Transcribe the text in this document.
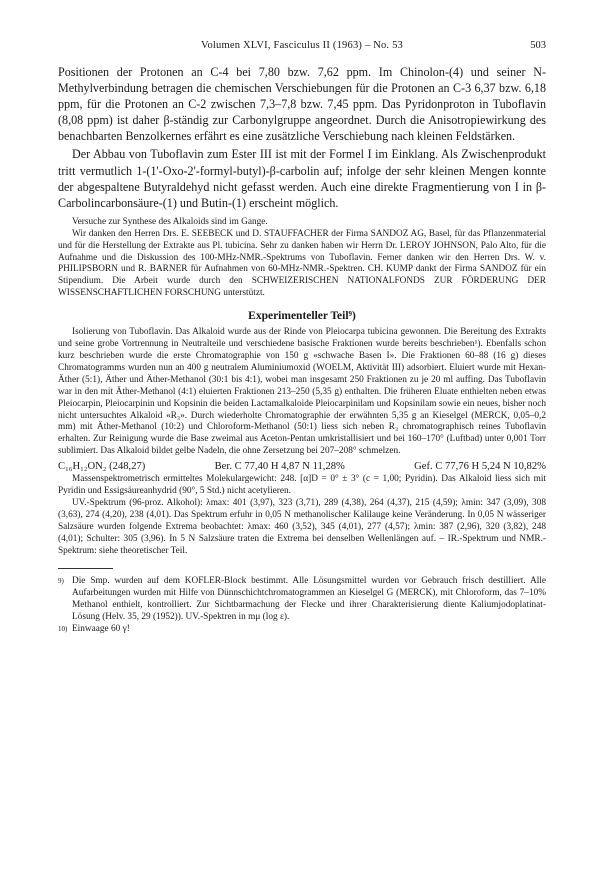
Volumen XLVI, Fasciculus II (1963) – No. 53	503

Positionen der Protonen an C-4 bei 7,80 bzw. 7,62 ppm. Im Chinolon-(4) und seiner N-Methylverbindung betragen die chemischen Verschiebungen für die Protonen an C-3 6,37 bzw. 6,18 ppm, für die Protonen an C-2 zwischen 7,3–7,8 bzw. 7,45 ppm. Das Pyridonproton in Tuboflavin (8,08 ppm) ist daher β-ständig zur Carbonylgruppe angeordnet. Durch die Anisotropiewirkung des benachbarten Benzolkernes erfährt es eine zusätzliche Verschiebung nach kleinen Feldstärken.

Der Abbau von Tuboflavin zum Ester III ist mit der Formel I im Einklang. Als Zwischenprodukt tritt vermutlich 1-(1'-Oxo-2'-formyl-butyl)-β-carbolin auf; infolge der sehr kleinen Mengen konnte der abgespaltene Butyraldehyd nicht gefasst werden. Auch eine direkte Fragmentierung von I in β-Carbolincarbonsäure-(1) und Butin-(1) erscheint möglich.

Versuche zur Synthese des Alkaloids sind im Gange.

Wir danken den Herren Drs. E. SEEBECK und D. STAUFFACHER der Firma SANDOZ AG, Basel, für das Pflanzenmaterial und für die Herstellung der Extrakte aus Pl. tubicina. Sehr zu danken haben wir Herrn Dr. LEROY JOHNSON, Palo Alto, für die Aufnahme und die Diskussion des 100-MHz-NMR.-Spektrums von Tuboflavin. Ferner danken wir den Herren Drs. W. v. PHILIPSBORN und R. BARNER für Aufnahmen von 60-MHz-NMR.-Spektren. CH. KUMP dankt der Firma SANDOZ für ein Stipendium. Die Arbeit wurde durch den SCHWEIZERISCHEN NATIONALFONDS ZUR FÖRDERUNG DER WISSENSCHAFTLICHEN FORSCHUNG unterstützt.

Experimenteller Teil⁹)

Isolierung von Tuboflavin. Das Alkaloid wurde aus der Rinde von Pleiocarpa tubicina gewonnen. Die Bereitung des Extrakts und seine grobe Vortrennung in Neutralteile und verschiedene basische Fraktionen wurde bereits beschrieben¹). Ebenfalls schon kurz beschrieben wurde die erste Chromatographie von 150 g «schwache Basen I». Die Fraktionen 60–88 (16 g) dieses Chromatogramms wurden nun an 400 g neutralem Aluminiumoxid (WOELM, Aktivität III) adsorbiert. Eluiert wurde mit Hexan-Äther (5:1), Äther und Äther-Methanol (30:1 bis 4:1), wobei man insgesamt 250 Fraktionen zu je 20 ml auffing. Das Tuboflavin war in den mit Äther-Methanol (4:1) eluierten Fraktionen 213–250 (5,35 g) enthalten. Die früheren Eluate enthielten neben etwas Pleiocarpin, Pleiocarpinin und Kopsinin die beiden Lactamalkaloide Pleiocarpinilam und Kopsinilam sowie ein neues, bisher noch nicht untersuchtes Alkaloid «R₃». Durch wiederholte Chromatographie der erwähnten 5,35 g an Kieselgel (MERCK, 0,05–0,2 mm) mit Äther-Methanol (10:2) und Chloroform-Methanol (50:1) liess sich neben R₃ chromatographisch reines Tuboflavin erhalten. Zur Reinigung wurde die Base zweimal aus Aceton-Pentan umkristallisiert und bei 160–170° (Luftbad) unter 0,001 Torr sublimiert. Das Alkaloid bildet gelbe Nadeln, die ohne Zersetzung bei 207–208° schmelzen.

C₁₆H₁₂ON₂ (248,27)	Ber. C 77,40 H 4,87 N 11,28%	Gef. C 77,76 H 5,24 N 10,82%

Massenspektrometrisch ermitteltes Molekulargewicht: 248. [α]D = 0° ± 3° (c = 1,00; Pyridin). Das Alkaloid liess sich mit Pyridin und Essigsäureanhydrid (90°, 5 Std.) nicht acetylieren.

UV.-Spektrum (96-proz. Alkohol): λmax: 401 (3,97), 323 (3,71), 289 (4,38), 264 (4,37), 215 (4,59); λmin: 347 (3,09), 308 (3,63), 274 (4,20), 238 (4,01). Das Spektrum erfuhr in 0,05 N methanolischer Kalilauge keine Veränderung. In 0,05 N wässeriger Salzsäure wurden folgende Extrema beobachtet: λmax: 460 (3,52), 345 (4,01), 277 (4,57); λmin: 387 (2,96), 320 (3,82), 248 (4,01); Schulter: 305 (3,96). In 5 N Salzsäure traten die Extrema bei denselben Wellenlängen auf. – IR.-Spektrum und NMR.-Spektrum: siehe theoretischer Teil.

9) Die Smp. wurden auf dem KOFLER-Block bestimmt. Alle Lösungsmittel wurden vor Gebrauch frisch destilliert. Alle Aufarbeitungen wurden mit Hilfe von Dünnschichtchromatogrammen an Kieselgel G (MERCK), mit Chloroform, das 7–10% Methanol enthielt, kontrolliert. Zur Sichtbarmachung der Flecke und ihrer Charakterisierung diente Kaliumjodoplatinat-Lösung (Helv. 35, 29 (1952)). UV.-Spektren in mμ (log ε).
10) Einwaage 60 γ!
